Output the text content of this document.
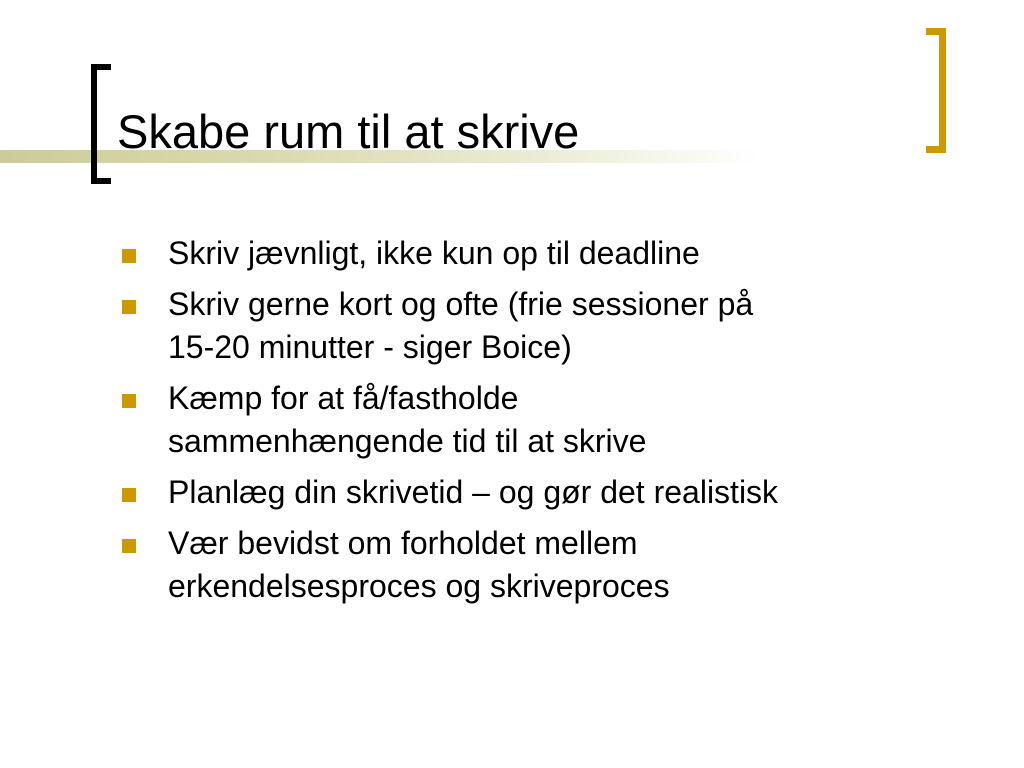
Skabe rum til at skrive
Skriv jævnligt, ikke kun op til deadline
Skriv gerne kort og ofte (frie sessioner på
15-20 minutter - siger Boice)
Kæmp for at få/fastholde
sammenhængende tid til at skrive
Planlæg din skrivetid – og gør det realistisk
Vær bevidst om forholdet mellem
erkendelsesproces og skriveproces
